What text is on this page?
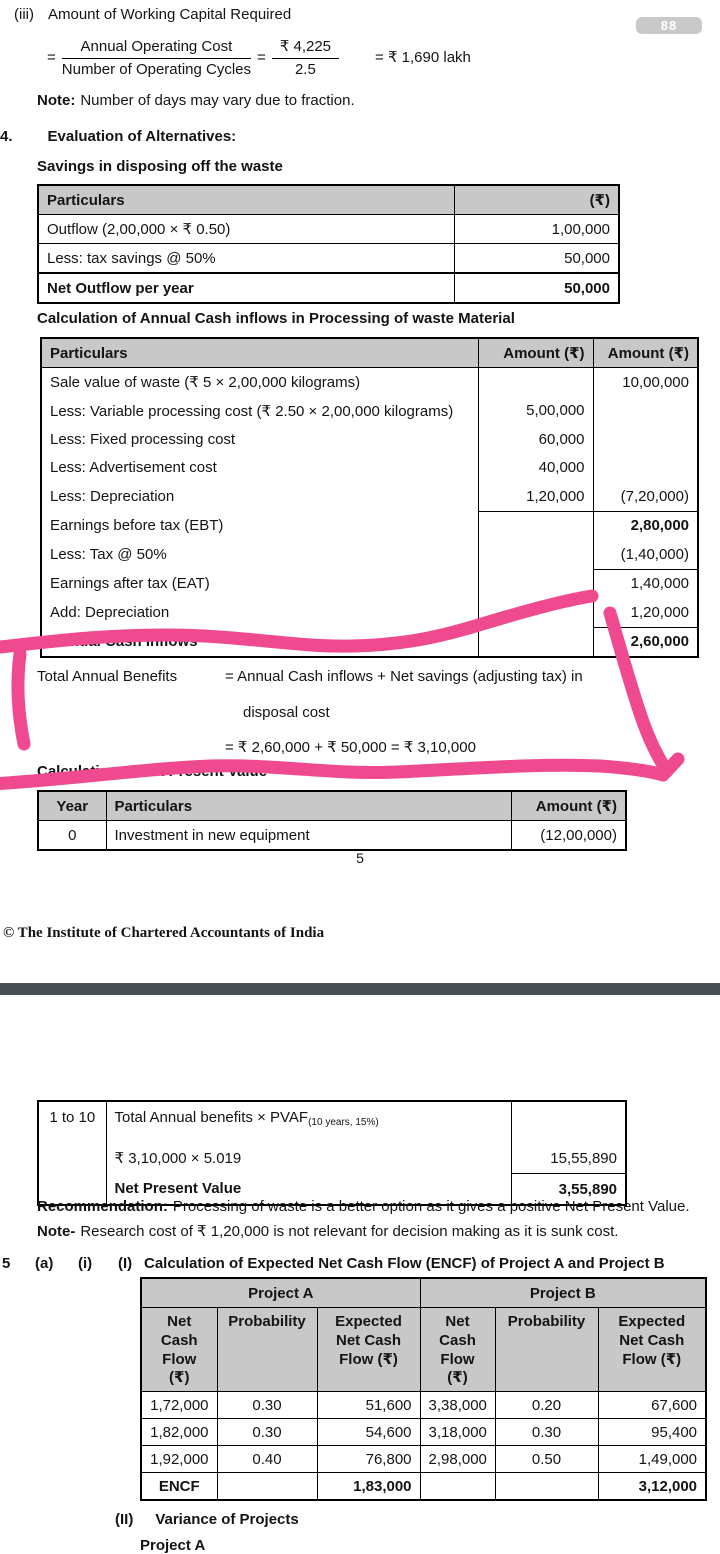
88
(iii) Amount of Working Capital Required
= $\frac{\text{Annual Operating Cost}}{\text{Number of Operating Cycles}} = \frac{₹ 4,225}{2.5}$ = ₹ 1,690 lakh
Note: Number of days may vary due to fraction.
4. Evaluation of Alternatives:
Savings in disposing off the waste
Particulars	(₹)
Outflow (2,00,000 × ₹ 0.50)	1,00,000
Less: tax savings @ 50%	50,000
Net Outflow per year	50,000
Calculation of Annual Cash inflows in Processing of waste Material
Particulars	Amount (₹)	Amount (₹)
Sale value of waste (₹ 5 × 2,00,000 kilograms)		10,00,000
Less: Variable processing cost (₹ 2.50 × 2,00,000 kilograms)	5,00,000	
Less: Fixed processing cost	60,000	
Less: Advertisement cost	40,000	
Less: Depreciation	1,20,000	(7,20,000)
Earnings before tax (EBT)		2,80,000
Less: Tax @ 50%		(1,40,000)
Earnings after tax (EAT)		1,40,000
Add: Depreciation		1,20,000
Annual Cash inflows		2,60,000
Total Annual Benefits	= Annual Cash inflows + Net savings (adjusting tax) in
disposal cost
= ₹ 2,60,000 + ₹ 50,000 = ₹ 3,10,000
Calculation of Net Present Value
Year	Particulars	Amount (₹)
0	Investment in new equipment	(12,00,000)
5
© The Institute of Chartered Accountants of India
1 to 10	Total Annual benefits × $PVAF_{(10 years, 15\%)}$	
	₹ 3,10,000 × 5.019	15,55,890
	Net Present Value	3,55,890
Recommendation: Processing of waste is a better option as it gives a positive Net Present Value.
Note- Research cost of ₹ 1,20,000 is not relevant for decision making as it is sunk cost.
5 (a) (i) (I) Calculation of Expected Net Cash Flow (ENCF) of Project A and Project B
Project A			Project B		
Net Cash Flow (₹)	Probability	Expected Net Cash Flow (₹)	Net Cash Flow (₹)	Probability	Expected Net Cash Flow (₹)
1,72,000	0.30	51,600	3,38,000	0.20	67,600
1,82,000	0.30	54,600	3,18,000	0.30	95,400
1,92,000	0.40	76,800	2,98,000	0.50	1,49,000
ENCF		1,83,000			3,12,000
(II) Variance of Projects
Project A
